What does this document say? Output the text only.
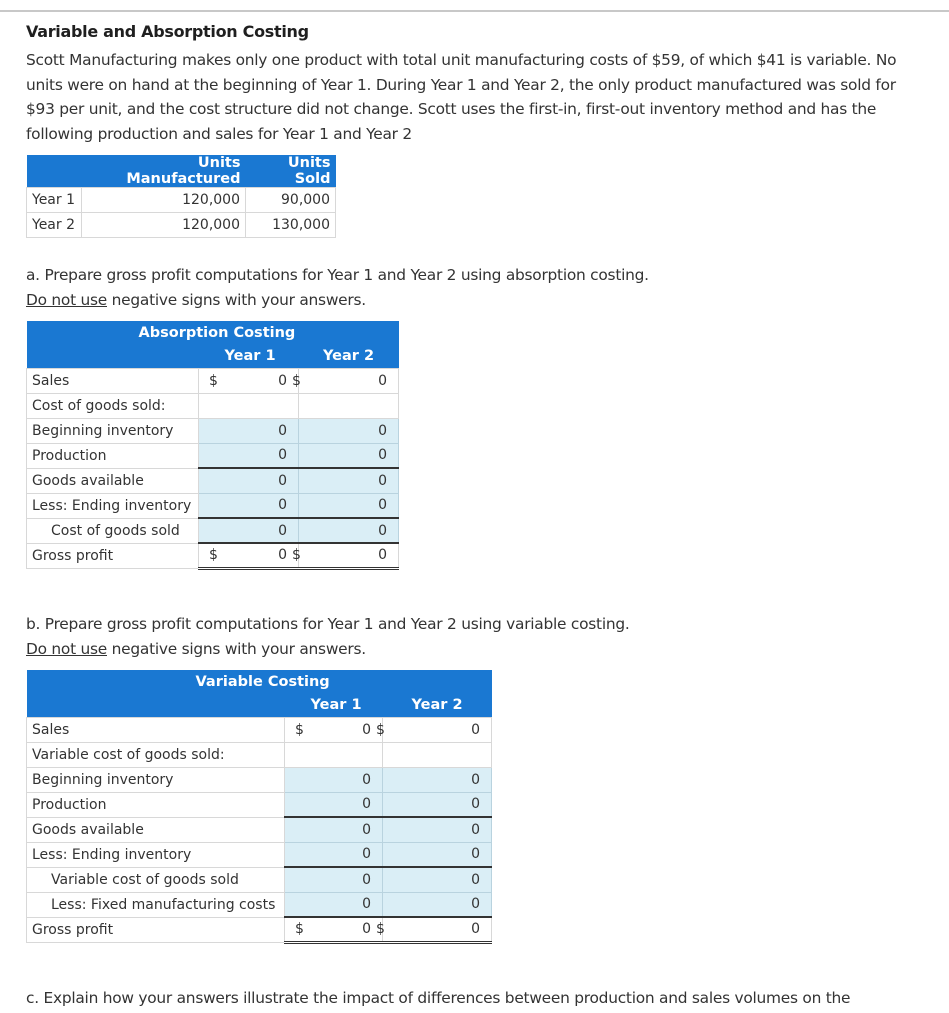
Variable and Absorption Costing

Scott Manufacturing makes only one product with total unit manufacturing costs of $59, of which $41 is variable. No units were on hand at the beginning of Year 1. During Year 1 and Year 2, the only product manufactured was sold for $93 per unit, and the cost structure did not change. Scott uses the first-in, first-out inventory method and has the following production and sales for Year 1 and Year 2

	Units Manufactured	Units Sold
Year 1	120,000	90,000
Year 2	120,000	130,000

a. Prepare gross profit computations for Year 1 and Year 2 using absorption costing.

Do not use negative signs with your answers.

	Absorption Costing	
	Year 1	Year 2
Sales	$ 0	$ 0

Cost of goods sold:		
Beginning inventory	0	0

Production	0	0

Goods available	0	0

Less: Ending inventory	0	0

Cost of goods sold	0	0

Gross profit	$ 0	$ 0

b. Prepare gross profit computations for Year 1 and Year 2 using variable costing.

Do not use negative signs with your answers.

	Variable Costing	
	Year 1	Year 2
Sales	$ 0	$ 0

Variable cost of goods sold:		
Beginning inventory	0	0

Production	0	0

Goods available	0	0

Less: Ending inventory	0	0

Variable cost of goods sold	0	0

Less: Fixed manufacturing costs	0	0

Gross profit	$ 0	$ 0

c. Explain how your answers illustrate the impact of differences between production and sales volumes on the
